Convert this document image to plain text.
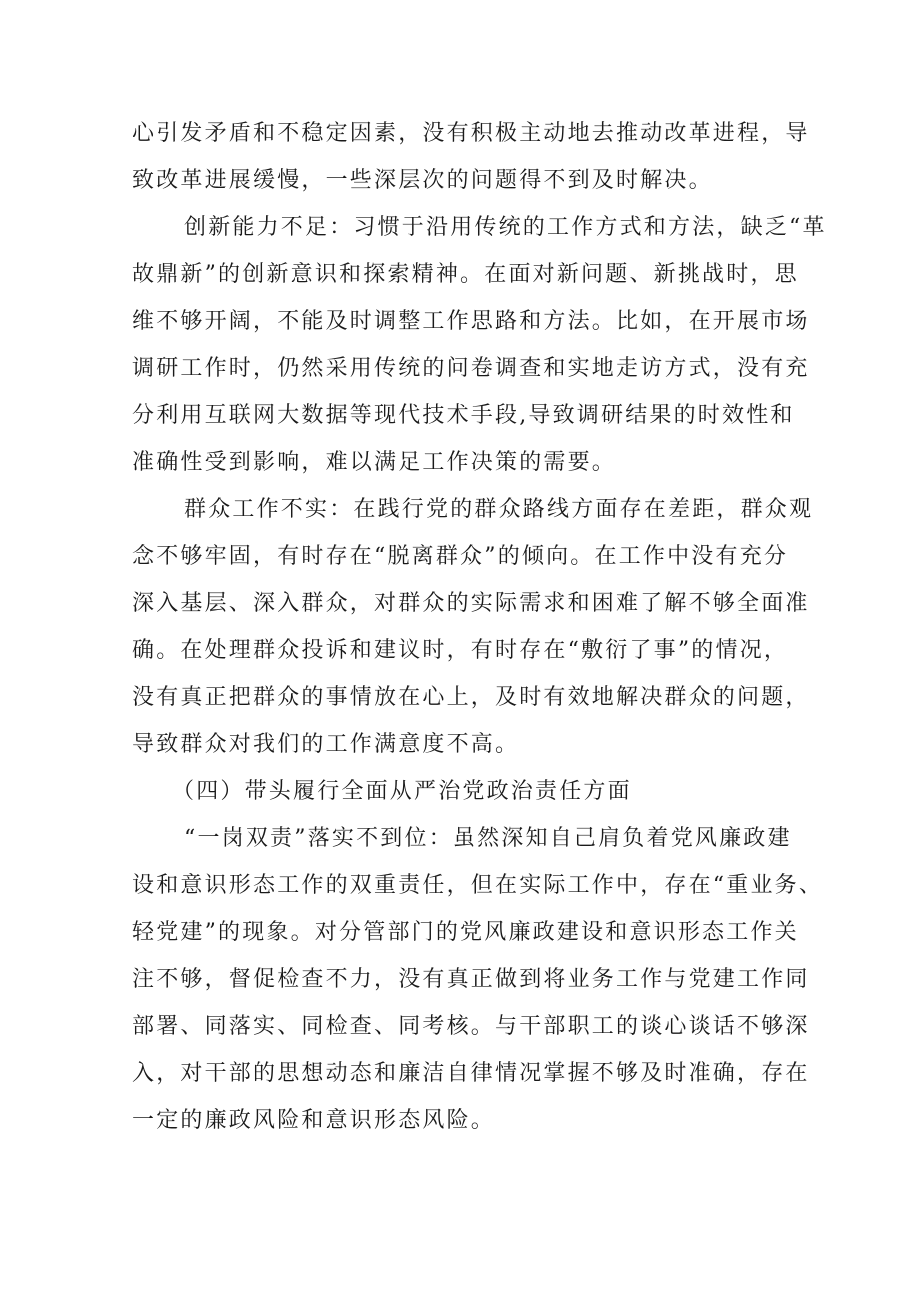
心引发矛盾和不稳定因素，没有积极主动地去推动改革进程，导

致改革进展缓慢，一些深层次的问题得不到及时解决。

创新能力不足：习惯于沿用传统的工作方式和方法，缺乏“革

故鼎新”的创新意识和探索精神。在面对新问题、新挑战时，思

维不够开阔，不能及时调整工作思路和方法。比如，在开展市场

调研工作时，仍然采用传统的问卷调查和实地走访方式，没有充

分利用互联网大数据等现代技术手段,导致调研结果的时效性和

准确性受到影响，难以满足工作决策的需要。

群众工作不实：在践行党的群众路线方面存在差距，群众观

念不够牢固，有时存在“脱离群众”的倾向。在工作中没有充分

深入基层、深入群众，对群众的实际需求和困难了解不够全面准

确。在处理群众投诉和建议时，有时存在“敷衍了事”的情况，

没有真正把群众的事情放在心上，及时有效地解决群众的问题，

导致群众对我们的工作满意度不高。

（四）带头履行全面从严治党政治责任方面

“一岗双责”落实不到位：虽然深知自己肩负着党风廉政建

设和意识形态工作的双重责任，但在实际工作中，存在“重业务、

轻党建”的现象。对分管部门的党风廉政建设和意识形态工作关

注不够，督促检查不力，没有真正做到将业务工作与党建工作同

部署、同落实、同检查、同考核。与干部职工的谈心谈话不够深

入，对干部的思想动态和廉洁自律情况掌握不够及时准确，存在

一定的廉政风险和意识形态风险。
